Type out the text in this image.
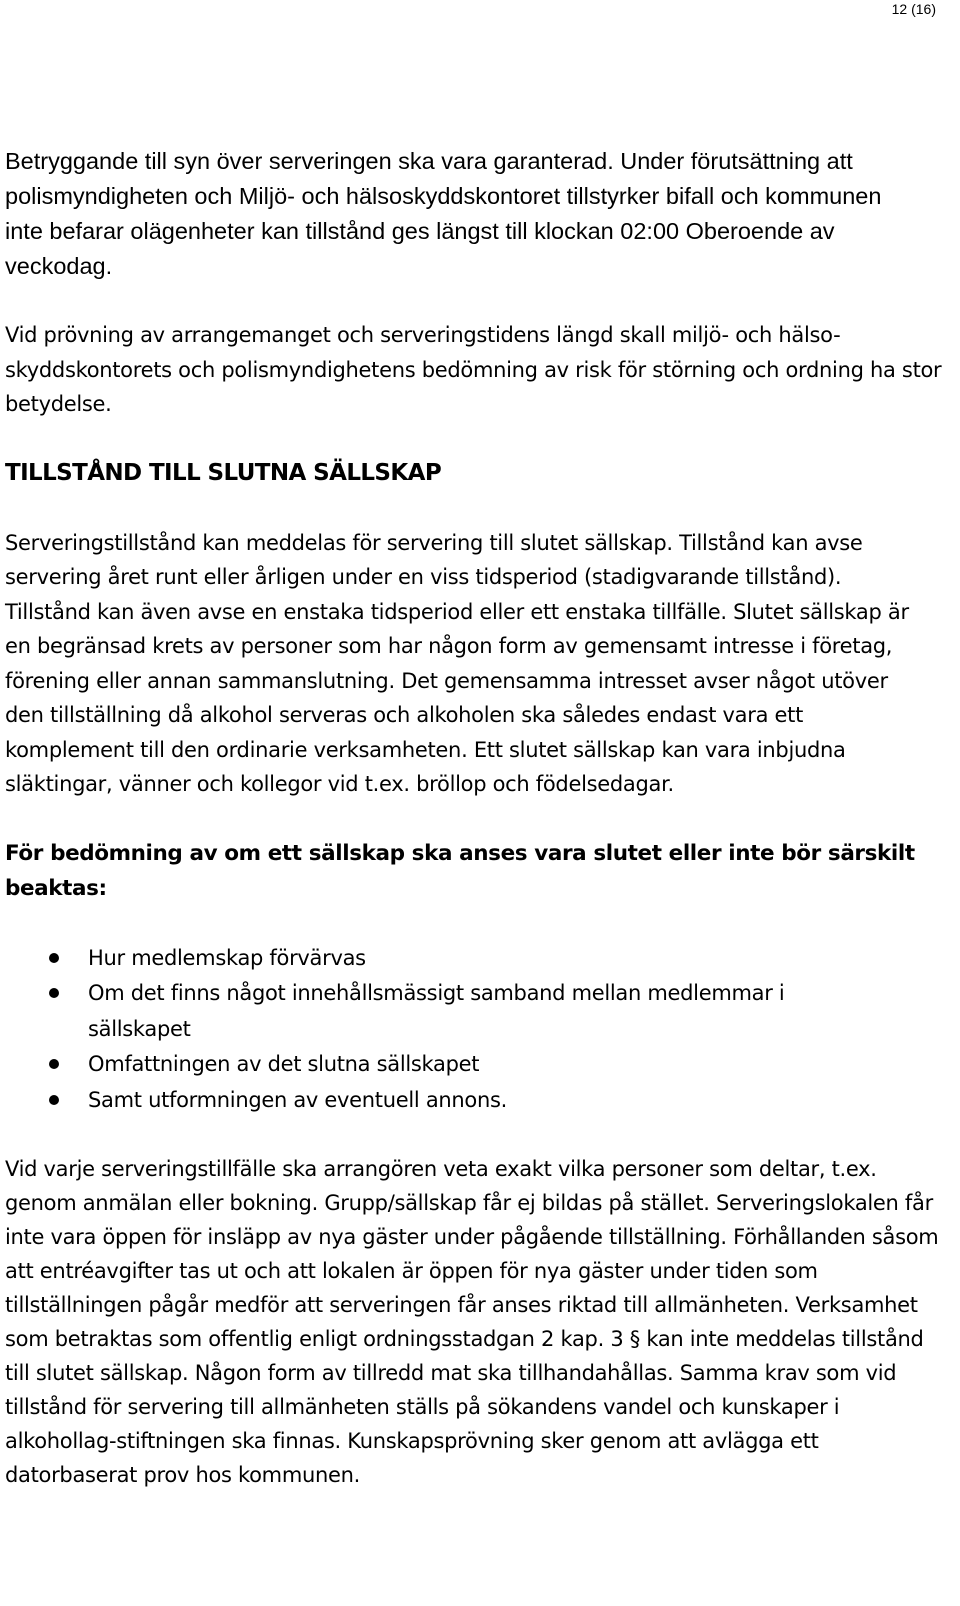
12 (16)

Betryggande till syn över serveringen ska vara garanterad. Under förutsättning att polismyndigheten och Miljö- och hälsoskyddskontoret tillstyrker bifall och kommunen inte befarar olägenheter kan tillstånd ges längst till klockan 02:00 Oberoende av veckodag.

Vid prövning av arrangemanget och serveringstidens längd skall miljö- och hälso-skyddskontorets och polismyndighetens bedömning av risk för störning och ordning ha stor betydelse.

TILLSTÅND TILL SLUTNA SÄLLSKAP

Serveringstillstånd kan meddelas för servering till slutet sällskap. Tillstånd kan avse servering året runt eller årligen under en viss tidsperiod (stadigvarande tillstånd). Tillstånd kan även avse en enstaka tidsperiod eller ett enstaka tillfälle. Slutet sällskap är en begränsad krets av personer som har någon form av gemensamt intresse i företag, förening eller annan sammanslutning. Det gemensamma intresset avser något utöver den tillställning då alkohol serveras och alkoholen ska således endast vara ett komplement till den ordinarie verksamheten. Ett slutet sällskap kan vara inbjudna släktingar, vänner och kollegor vid t.ex. bröllop och födelsedagar.

För bedömning av om ett sällskap ska anses vara slutet eller inte bör särskilt beaktas:
Hur medlemskap förvärvas
Om det finns något innehållsmässigt samband mellan medlemmar i sällskapet
Omfattningen av det slutna sällskapet
Samt utformningen av eventuell annons.

Vid varje serveringstillfälle ska arrangören veta exakt vilka personer som deltar, t.ex. genom anmälan eller bokning. Grupp/sällskap får ej bildas på stället. Serveringslokalen får inte vara öppen för insläpp av nya gäster under pågående tillställning. Förhållanden såsom att entréavgifter tas ut och att lokalen är öppen för nya gäster under tiden som tillställningen pågår medför att serveringen får anses riktad till allmänheten. Verksamhet som betraktas som offentlig enligt ordningsstadgan 2 kap. 3 § kan inte meddelas tillstånd till slutet sällskap. Någon form av tillredd mat ska tillhandahållas. Samma krav som vid tillstånd för servering till allmänheten ställs på sökandens vandel och kunskaper i alkohollag-stiftningen ska finnas. Kunskapsprövning sker genom att avlägga ett datorbaserat prov hos kommunen.
